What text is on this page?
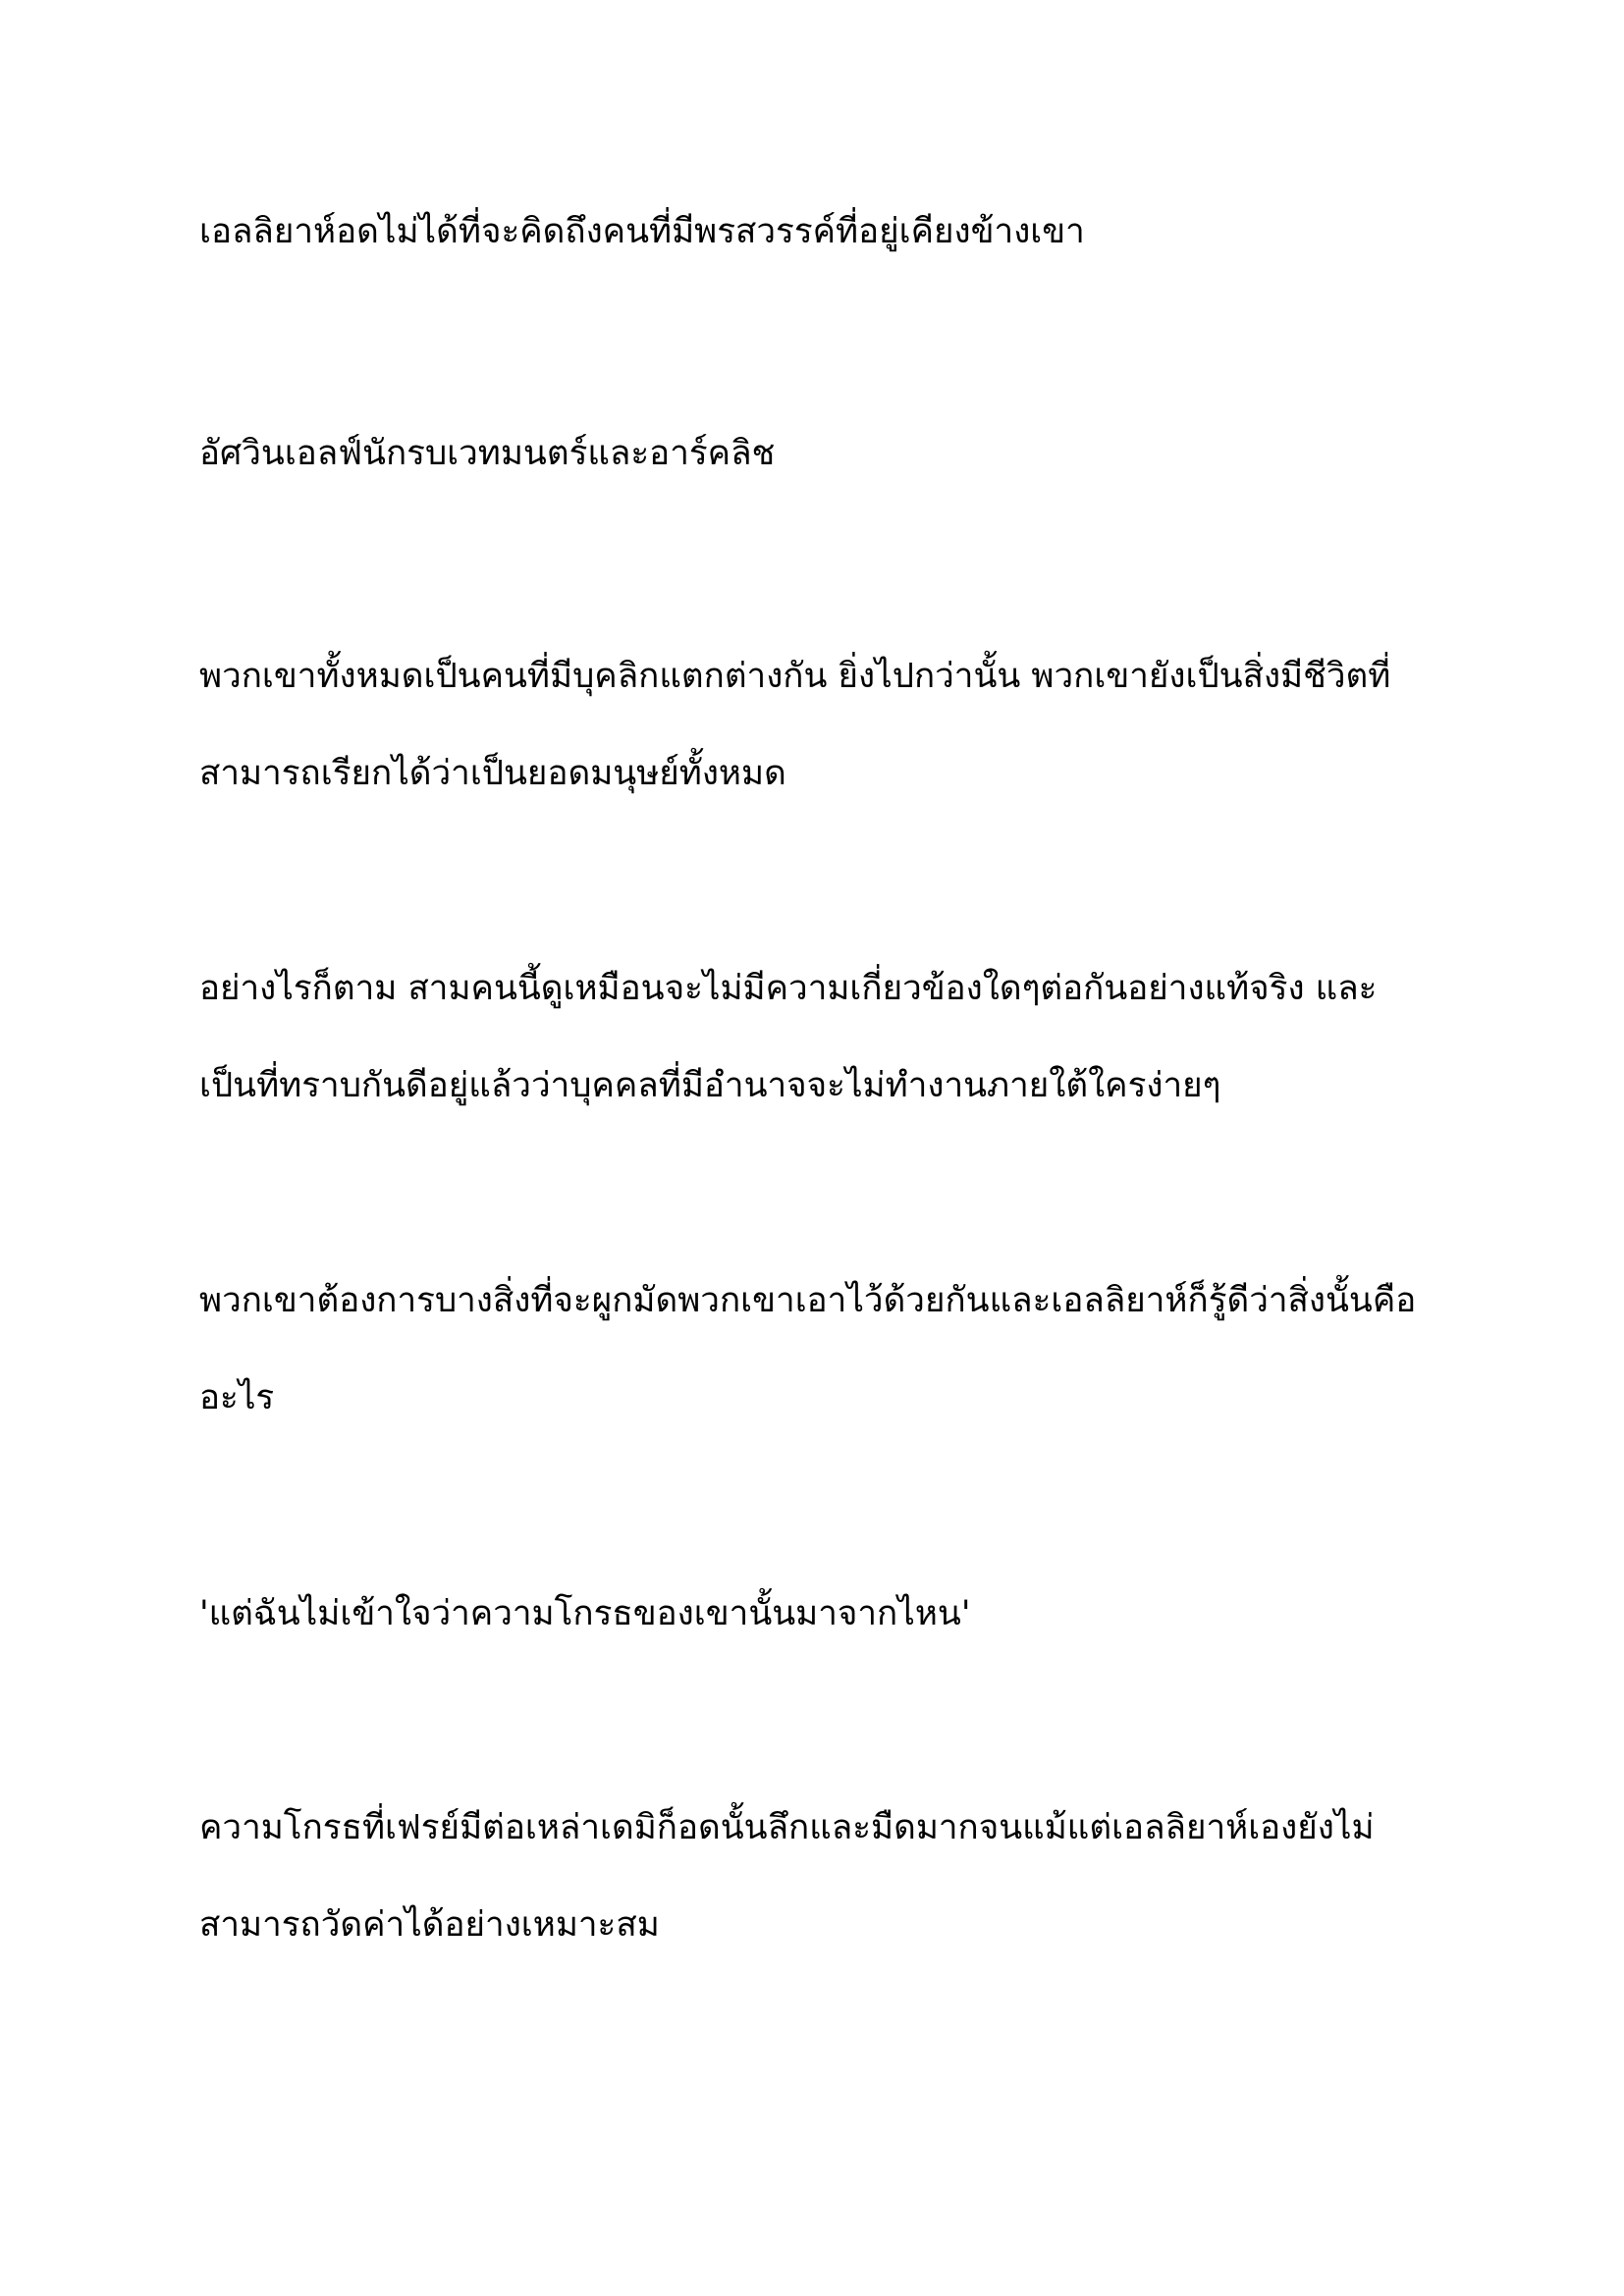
เอลลิยาห์อดไม่ได้ที่จะคิดถึงคนที่มีพรสวรรค์ที่อยู่เคียงข้างเขา

อัศวินเอลฟ์นักรบเวทมนตร์และอาร์คลิช

พวกเขาทั้งหมดเป็นคนที่มีบุคลิกแตกต่างกัน ยิ่งไปกว่านั้น พวกเขายังเป็นสิ่งมีชีวิตที่
สามารถเรียกได้ว่าเป็นยอดมนุษย์ทั้งหมด

อย่างไรก็ตาม สามคนนี้ดูเหมือนจะไม่มีความเกี่ยวข้องใดๆต่อกันอย่างแท้จริง และ
เป็นที่ทราบกันดีอยู่แล้วว่าบุคคลที่มีอำนาจจะไม่ทำงานภายใต้ใครง่ายๆ

พวกเขาต้องการบางสิ่งที่จะผูกมัดพวกเขาเอาไว้ด้วยกันและเอลลิยาห์ก็รู้ดีว่าสิ่งนั้นคือ
อะไร

'แต่ฉันไม่เข้าใจว่าความโกรธของเขานั้นมาจากไหน'

ความโกรธที่เฟรย์มีต่อเหล่าเดมิก็อดนั้นลึกและมืดมากจนแม้แต่เอลลิยาห์เองยังไม่
สามารถวัดค่าได้อย่างเหมาะสม
